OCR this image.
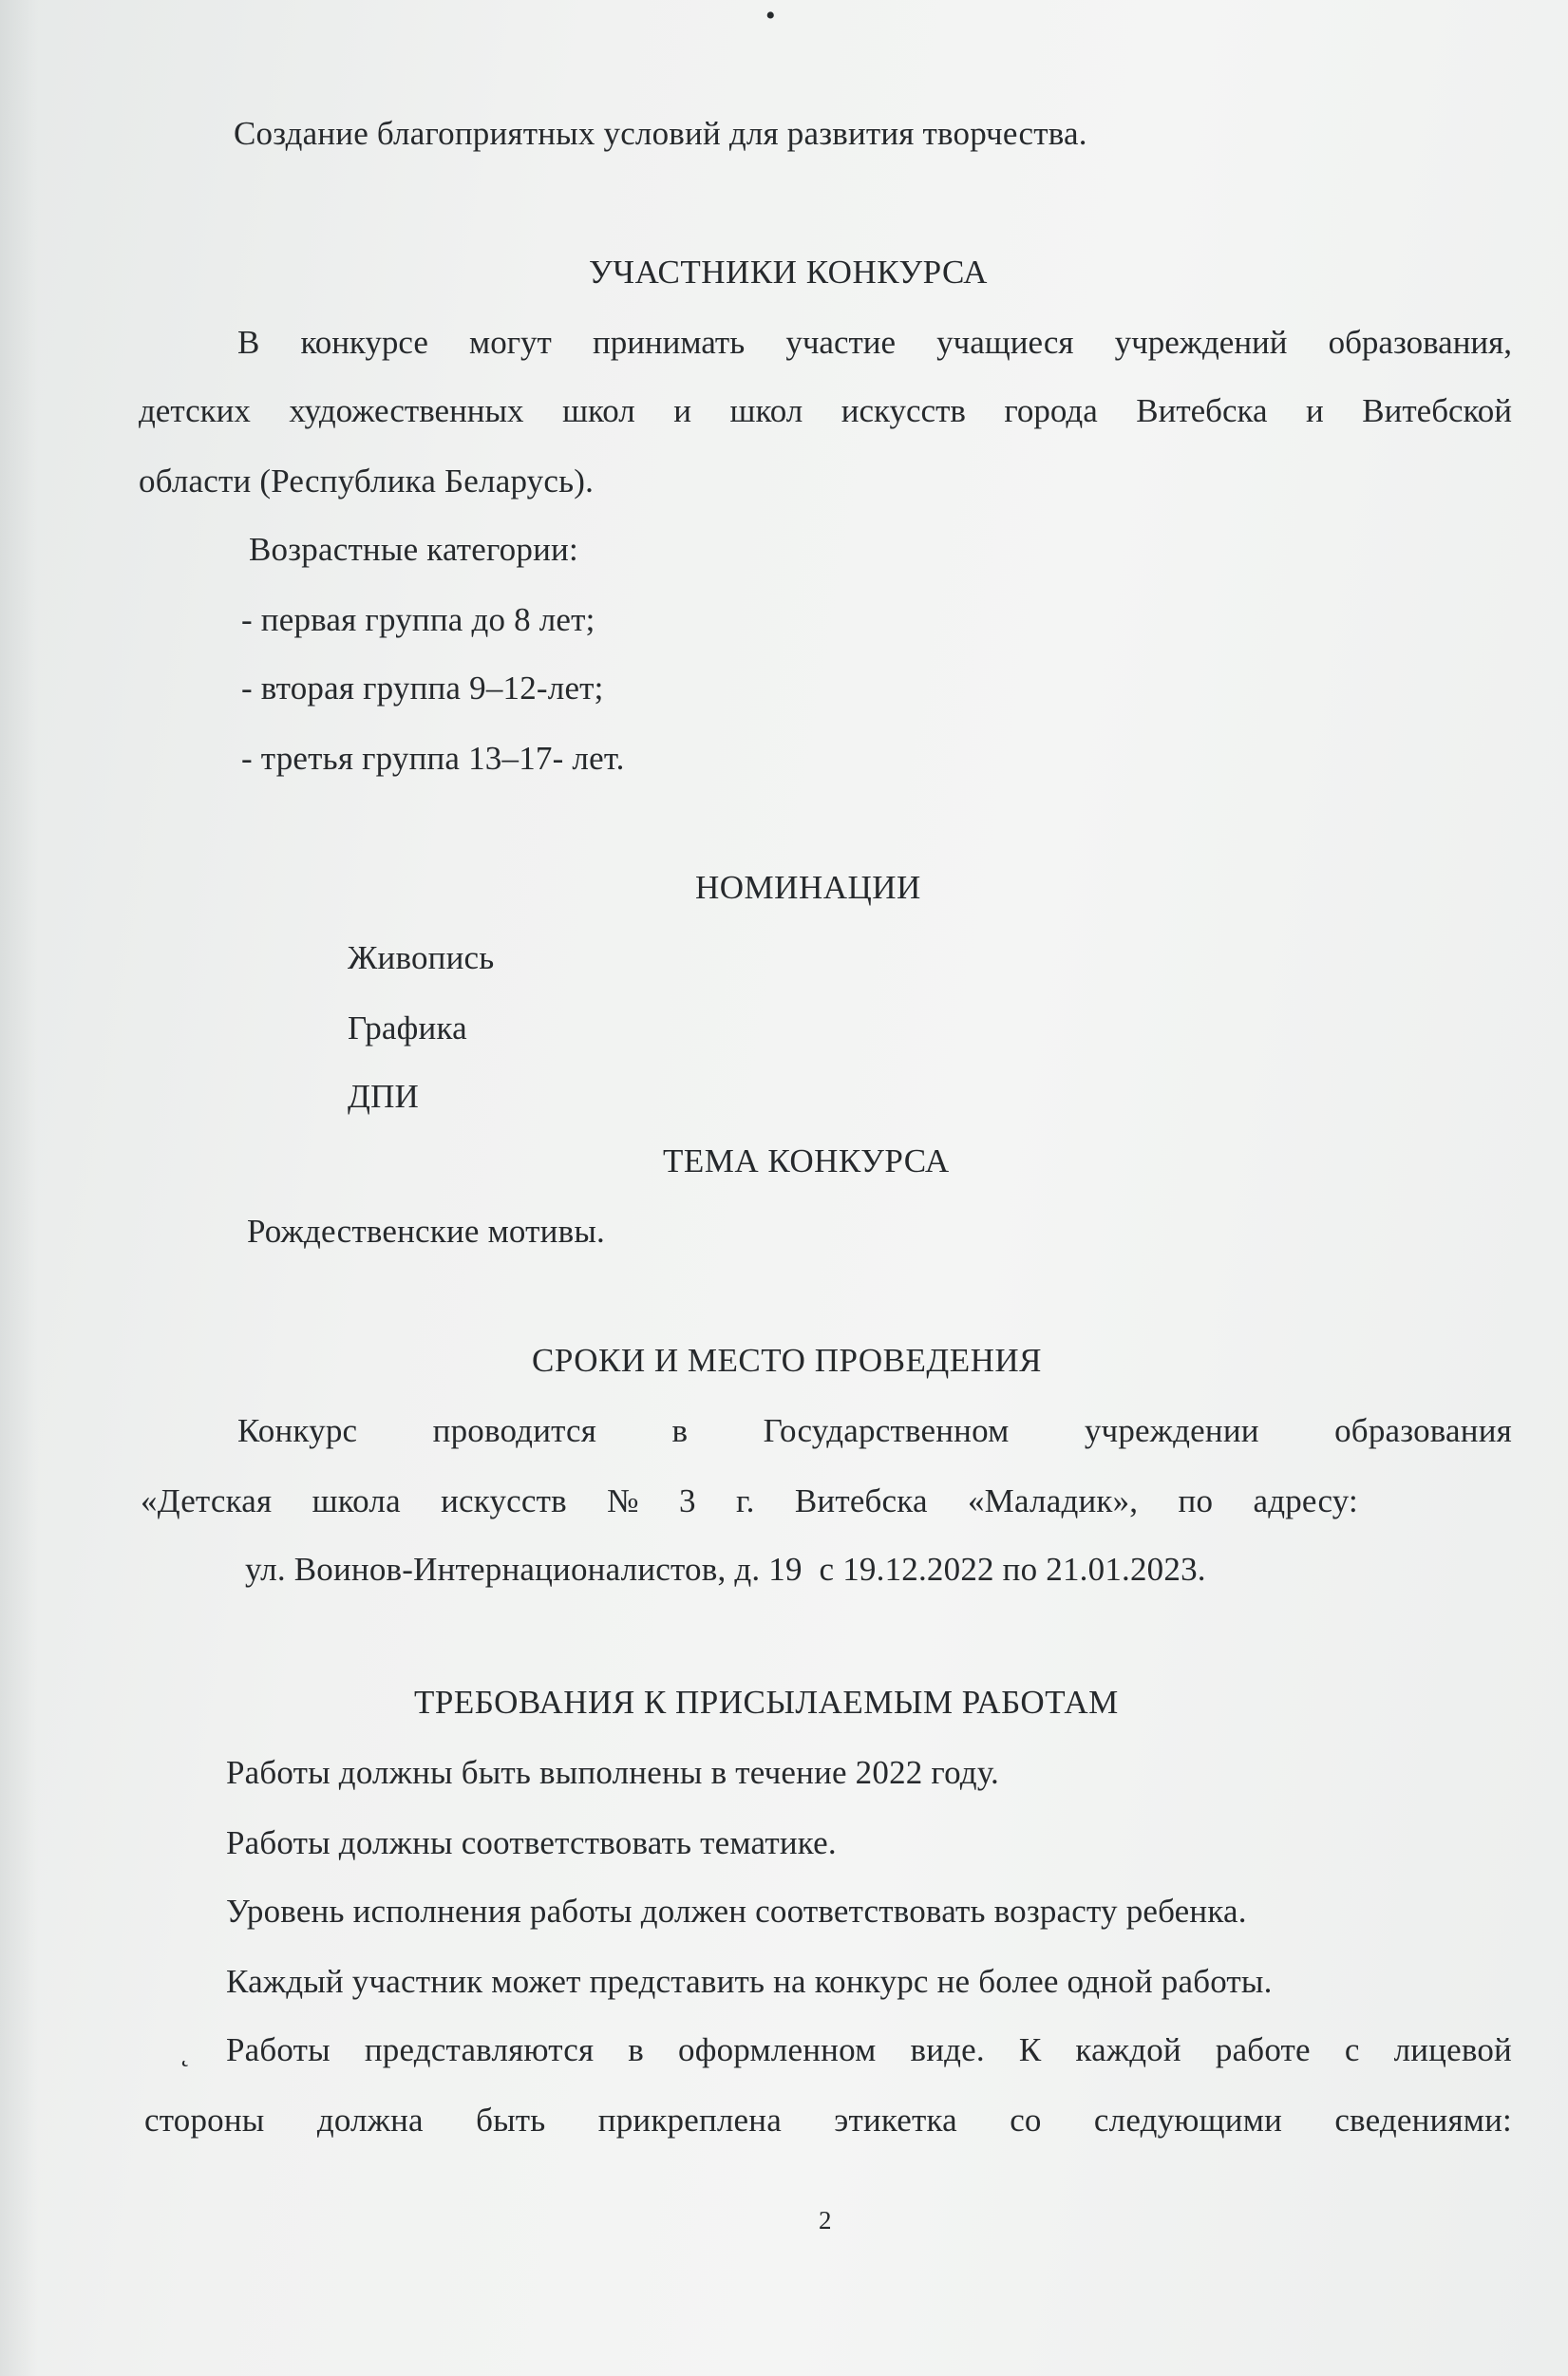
•
Создание благоприятных условий для развития творчества.
УЧАСТНИКИ КОНКУРСА
В конкурсе могут принимать участие учащиеся учреждений образования,
детских художественных школ и школ искусств города Витебска и Витебской
области (Республика Беларусь).
Возрастные категории:
- первая группа до 8 лет;
- вторая группа 9–12-лет;
- третья группа 13–17- лет.
НОМИНАЦИИ
Живопись
Графика
ДПИ
ТЕМА КОНКУРСА
Рождественские мотивы.
СРОКИ И МЕСТО ПРОВЕДЕНИЯ
Конкурс проводится в Государственном учреждении образования
«Детская школа искусств № 3 г. Витебска «Маладик», по адресу:
ул. Воинов-Интернационалистов, д. 19  с 19.12.2022 по 21.01.2023.
ТРЕБОВАНИЯ К ПРИСЫЛАЕМЫМ РАБОТАМ
Работы должны быть выполнены в течение 2022 году.
Работы должны соответствовать тематике.
Уровень исполнения работы должен соответствовать возрасту ребенка.
Каждый участник может представить на конкурс не более одной работы.
˛ Работы представляются в оформленном виде. К каждой работе с лицевой
стороны должна быть прикреплена этикетка со следующими сведениями:
2
